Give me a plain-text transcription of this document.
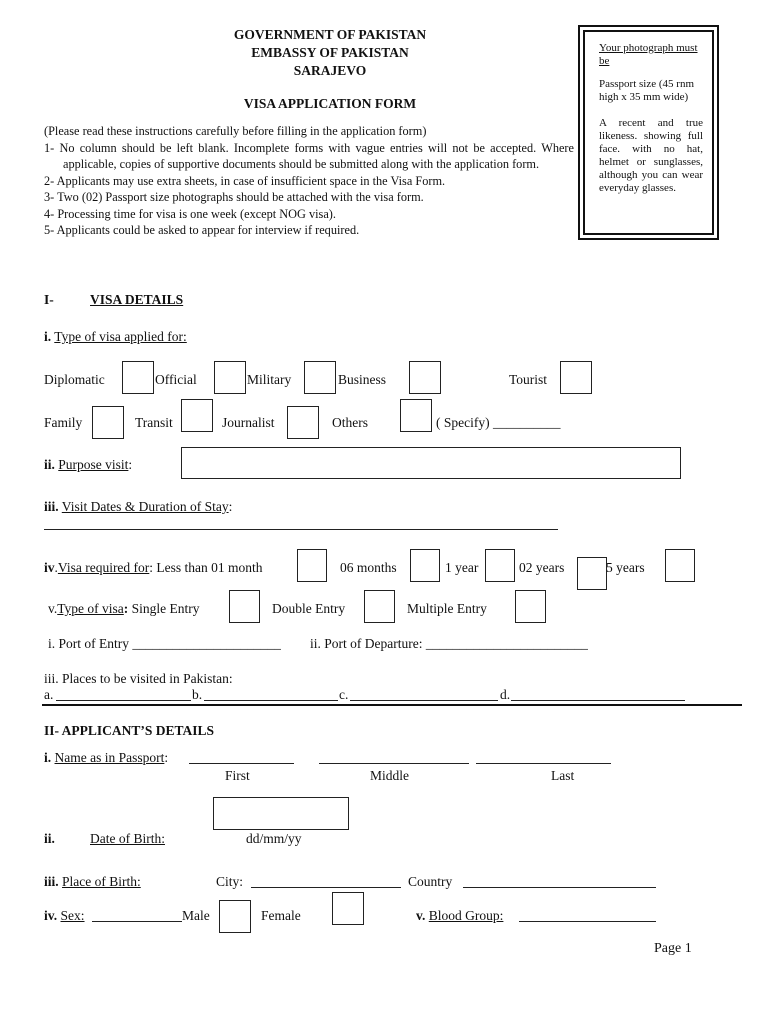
GOVERNMENT OF PAKISTAN
EMBASSY OF PAKISTAN
SARAJEVO
VISA APPLICATION FORM

Your photograph must be

Passport size (45 rnm high x 35 mm wide)

A recent and true likeness. showing full face. with no hat, helmet or sunglasses, although you can wear everyday glasses.

(Please read these instructions carefully before filling in the application form)
1- No column should be left blank. Incomplete forms with vague entries will not be accepted. Where applicable, copies of supportive documents should be submitted along with the application form.
2- Applicants may use extra sheets, in case of insufficient space in the Visa Form.
3- Two (02) Passport size photographs should be attached with the visa form.
4- Processing time for visa is one week (except NOG visa).
5- Applicants could be asked to appear for interview if required.
I-	VISA DETAILS
i. Type of visa applied for:
Diplomatic	Official	Military	Business	Tourist
Family	Transit	Journalist	Others	( Specify) __________
ii. Purpose visit:
iii. Visit Dates & Duration of Stay:
iv.Visa required for: Less than 01 month	06 months	1 year	02 years	5 years
v.Type of visa: Single Entry	Double Entry	Multiple Entry
i. Port of Entry ______________________ ii. Port of Departure: ________________________
iii. Places to be visited in Pakistan:
a.	b.	c.	d.
II- APPLICANT’S DETAILS
i. Name as in Passport:
First	Middle	Last
ii.	Date of Birth:	dd/mm/yy
iii. Place of Birth:	City:	Country
iv. Sex:	Male	Female	v. Blood Group:
Page 1
